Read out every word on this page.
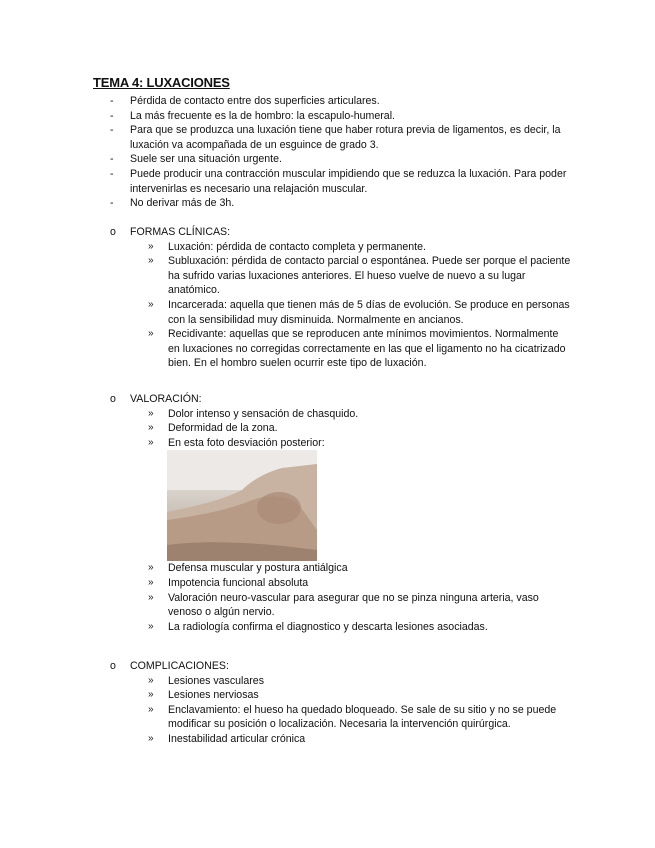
TEMA 4: LUXACIONES
- Pérdida de contacto entre dos superficies articulares.
- La más frecuente es la de hombro: la escapulo-humeral.
- Para que se produzca una luxación tiene que haber rotura previa de ligamentos, es decir, la luxación va acompañada de un esguince de grado 3.
- Suele ser una situación urgente.
- Puede producir una contracción muscular impidiendo que se reduzca la luxación. Para poder intervenirlas es necesario una relajación muscular.
- No derivar más de 3h.
o FORMAS CLÍNICAS:
» Luxación: pérdida de contacto completa y permanente.
» Subluxación: pérdida de contacto parcial o espontánea. Puede ser porque el paciente ha sufrido varias luxaciones anteriores. El hueso vuelve de nuevo a su lugar anatómico.
» Incarcerada: aquella que tienen más de 5 días de evolución. Se produce en personas con la sensibilidad muy disminuida. Normalmente en ancianos.
» Recidivante: aquellas que se reproducen ante mínimos movimientos. Normalmente en luxaciones no corregidas correctamente en las que el ligamento no ha cicatrizado bien. En el hombro suelen ocurrir este tipo de luxación.
o VALORACIÓN:
» Dolor intenso y sensación de chasquido.
» Deformidad de la zona.
» En esta foto desviación posterior:
» Defensa muscular y postura antiálgica
» Impotencia funcional absoluta
» Valoración neuro-vascular para asegurar que no se pinza ninguna arteria, vaso venoso o algún nervio.
» La radiología confirma el diagnostico y descarta lesiones asociadas.
o COMPLICACIONES:
» Lesiones vasculares
» Lesiones nerviosas
» Enclavamiento: el hueso ha quedado bloqueado. Se sale de su sitio y no se puede modificar su posición o localización. Necesaria la intervención quirúrgica.
» Inestabilidad articular crónica
